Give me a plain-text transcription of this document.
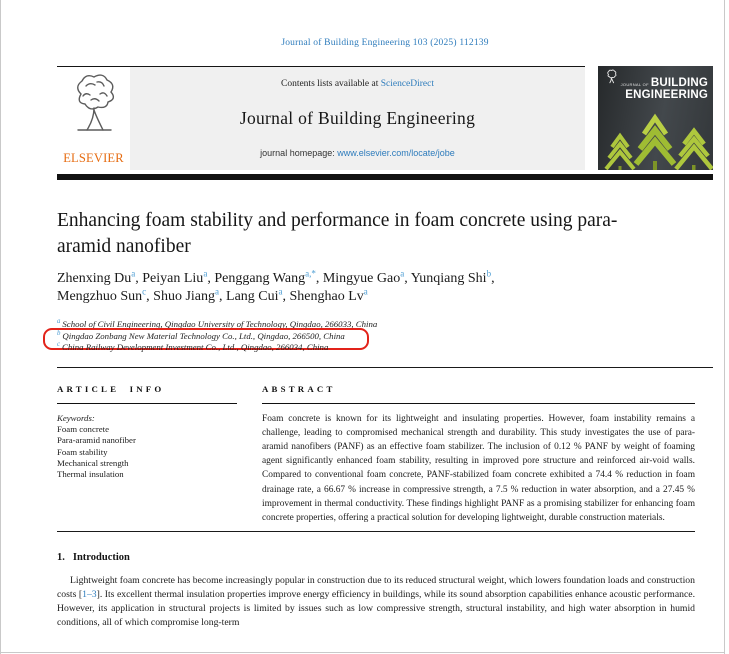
Journal of Building Engineering 103 (2025) 112139
ELSEVIER
Contents lists available at ScienceDirect
Journal of Building Engineering
journal homepage: www.elsevier.com/locate/jobe
JOURNAL OF BUILDING
ENGINEERING
Enhancing foam stability and performance in foam concrete using para-aramid nanofiber
Zhenxing Du$^a$, Peiyan Liu$^a$, Penggang Wang$^{a,*}$, Mingyue Gao$^a$, Yunqiang Shi$^b$,
Mengzhuo Sun$^c$, Shuo Jiang$^a$, Lang Cui$^a$, Shenghao Lv$^a$
$^a$ School of Civil Engineering, Qingdao University of Technology, Qingdao, 266033, China
$^b$ Qingdao Zonbang New Material Technology Co., Ltd., Qingdao, 266500, China
$^c$ China Railway Development Investment Co., Ltd., Qingdao, 266034, China
ARTICLE INFO
Keywords:
Foam concrete
Para-aramid nanofiber
Foam stability
Mechanical strength
Thermal insulation
ABSTRACT
Foam concrete is known for its lightweight and insulating properties. However, foam instability remains a challenge, leading to compromised mechanical strength and durability. This study investigates the use of para-aramid nanofibers (PANF) as an effective foam stabilizer. The inclusion of 0.12 % PANF by weight of foaming agent significantly enhanced foam stability, resulting in improved pore structure and reinforced air-void walls. Compared to conventional foam concrete, PANF-stabilized foam concrete exhibited a 74.4 % reduction in foam drainage rate, a 66.67 % increase in compressive strength, a 7.5 % reduction in water absorption, and a 27.45 % improvement in thermal conductivity. These findings highlight PANF as a promising stabilizer for enhancing foam concrete properties, offering a practical solution for developing lightweight, durable construction materials.
1. Introduction
Lightweight foam concrete has become increasingly popular in construction due to its reduced structural weight, which lowers foundation loads and construction costs [1–3]. Its excellent thermal insulation properties improve energy efficiency in buildings, while its sound absorption capabilities enhance acoustic performance. However, its application in structural projects is limited by issues such as low compressive strength, structural instability, and high water absorption in humid conditions, all of which compromise long-term
